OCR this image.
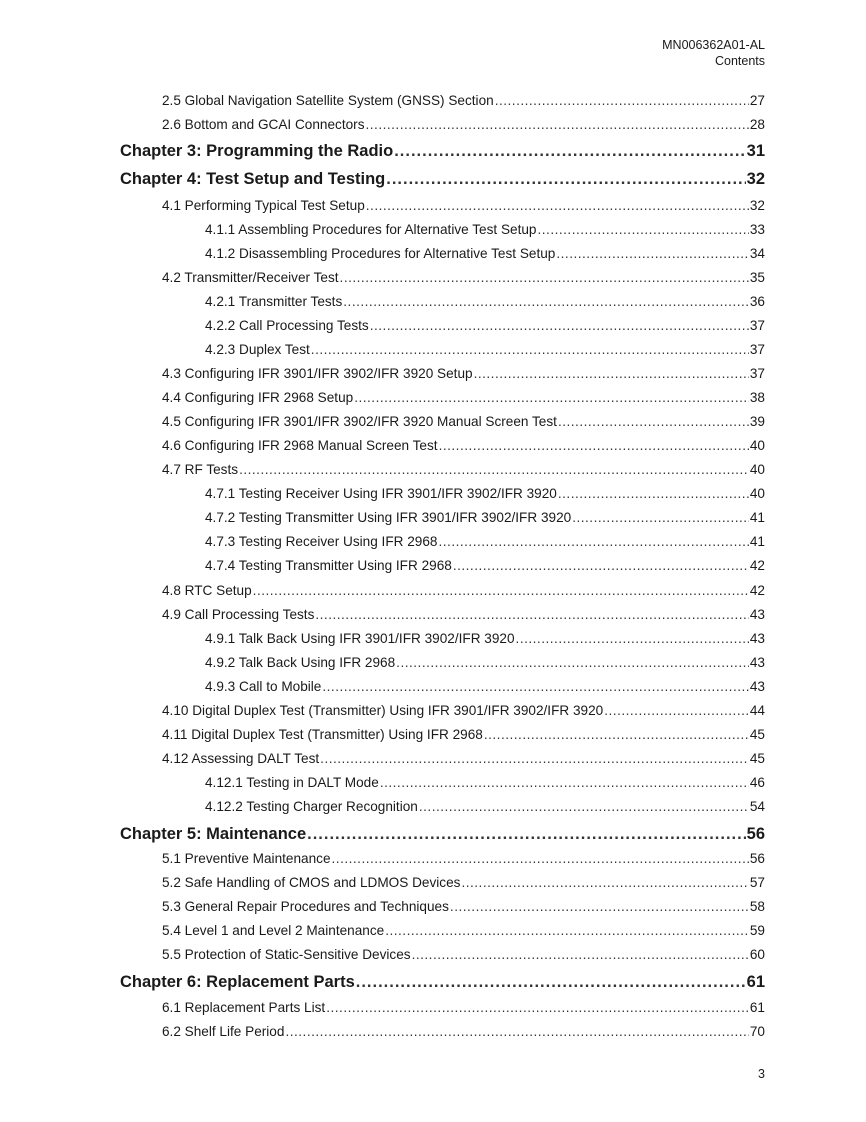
MN006362A01-AL
Contents
2.5 Global Navigation Satellite System (GNSS) Section .....	27
2.6 Bottom and GCAI Connectors .....	28
Chapter 3: Programming the Radio .....	31
Chapter 4: Test Setup and Testing .....	32
4.1 Performing Typical Test Setup .....	32
4.1.1 Assembling Procedures for Alternative Test Setup .....	33
4.1.2 Disassembling Procedures for Alternative Test Setup .....	34
4.2 Transmitter/Receiver Test .....	35
4.2.1 Transmitter Tests .....	36
4.2.2 Call Processing Tests .....	37
4.2.3 Duplex Test .....	37
4.3 Configuring IFR 3901/IFR 3902/IFR 3920 Setup .....	37
4.4 Configuring IFR 2968 Setup .....	38
4.5 Configuring IFR 3901/IFR 3902/IFR 3920 Manual Screen Test .....	39
4.6 Configuring IFR 2968 Manual Screen Test .....	40
4.7 RF Tests .....	40
4.7.1 Testing Receiver Using IFR 3901/IFR 3902/IFR 3920 .....	40
4.7.2 Testing Transmitter Using IFR 3901/IFR 3902/IFR 3920 .....	41
4.7.3 Testing Receiver Using IFR 2968 .....	41
4.7.4 Testing Transmitter Using IFR 2968 .....	42
4.8 RTC Setup .....	42
4.9 Call Processing Tests .....	43
4.9.1 Talk Back Using IFR 3901/IFR 3902/IFR 3920 .....	43
4.9.2 Talk Back Using IFR 2968 .....	43
4.9.3 Call to Mobile .....	43
4.10 Digital Duplex Test (Transmitter) Using IFR 3901/IFR 3902/IFR 3920 .....	44
4.11 Digital Duplex Test (Transmitter) Using IFR 2968 .....	45
4.12 Assessing DALT Test .....	45
4.12.1 Testing in DALT Mode .....	46
4.12.2 Testing Charger Recognition .....	54
Chapter 5: Maintenance .....	56
5.1 Preventive Maintenance .....	56
5.2 Safe Handling of CMOS and LDMOS Devices .....	57
5.3 General Repair Procedures and Techniques .....	58
5.4 Level 1 and Level 2 Maintenance .....	59
5.5 Protection of Static-Sensitive Devices .....	60
Chapter 6: Replacement Parts .....	61
6.1 Replacement Parts List .....	61
6.2 Shelf Life Period .....	70
3
